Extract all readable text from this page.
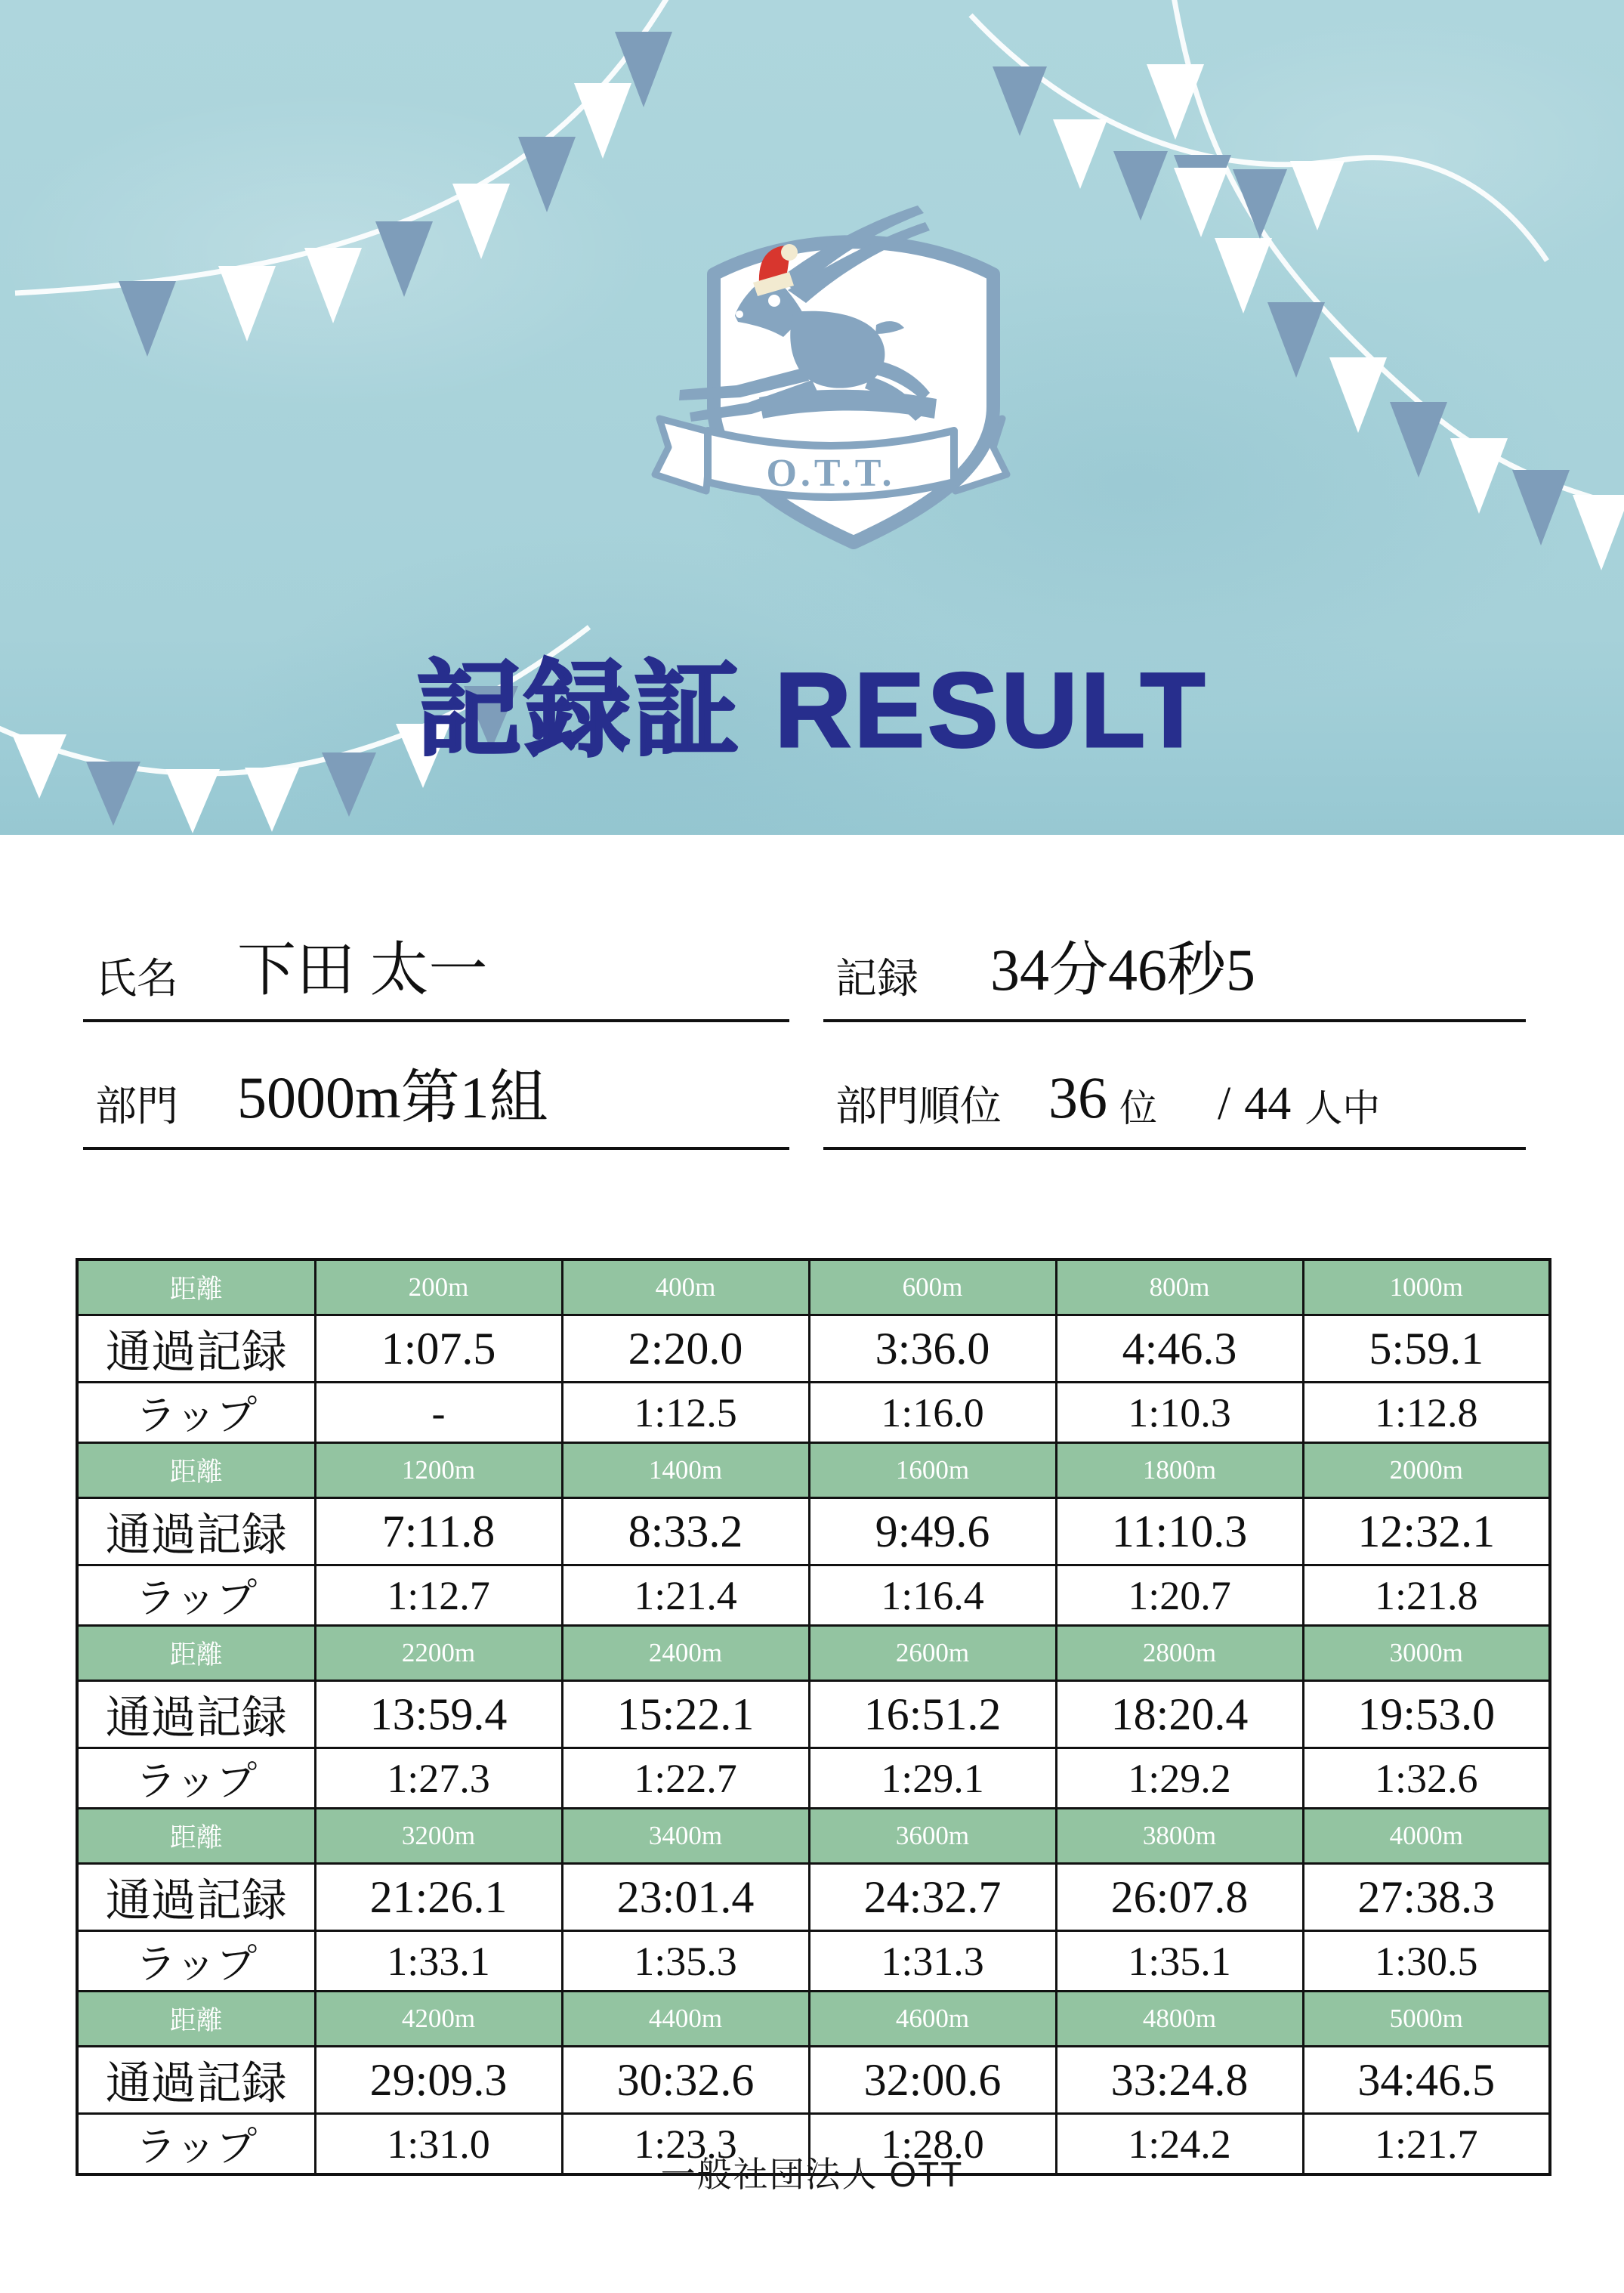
O.T.T.
記録証 RESULT
氏名 下田 太一	記録 34分46秒5
部門 5000m第1組	部門順位 36 位 / 44 人中
距離	200m	400m	600m	800m	1000m
通過記録	1:07.5	2:20.0	3:36.0	4:46.3	5:59.1
ラップ	-	1:12.5	1:16.0	1:10.3	1:12.8
距離	1200m	1400m	1600m	1800m	2000m
通過記録	7:11.8	8:33.2	9:49.6	11:10.3	12:32.1
ラップ	1:12.7	1:21.4	1:16.4	1:20.7	1:21.8
距離	2200m	2400m	2600m	2800m	3000m
通過記録	13:59.4	15:22.1	16:51.2	18:20.4	19:53.0
ラップ	1:27.3	1:22.7	1:29.1	1:29.2	1:32.6
距離	3200m	3400m	3600m	3800m	4000m
通過記録	21:26.1	23:01.4	24:32.7	26:07.8	27:38.3
ラップ	1:33.1	1:35.3	1:31.3	1:35.1	1:30.5
距離	4200m	4400m	4600m	4800m	5000m
通過記録	29:09.3	30:32.6	32:00.6	33:24.8	34:46.5
ラップ	1:31.0	1:23.3	1:28.0	1:24.2	1:21.7
一般社団法人 OTT
